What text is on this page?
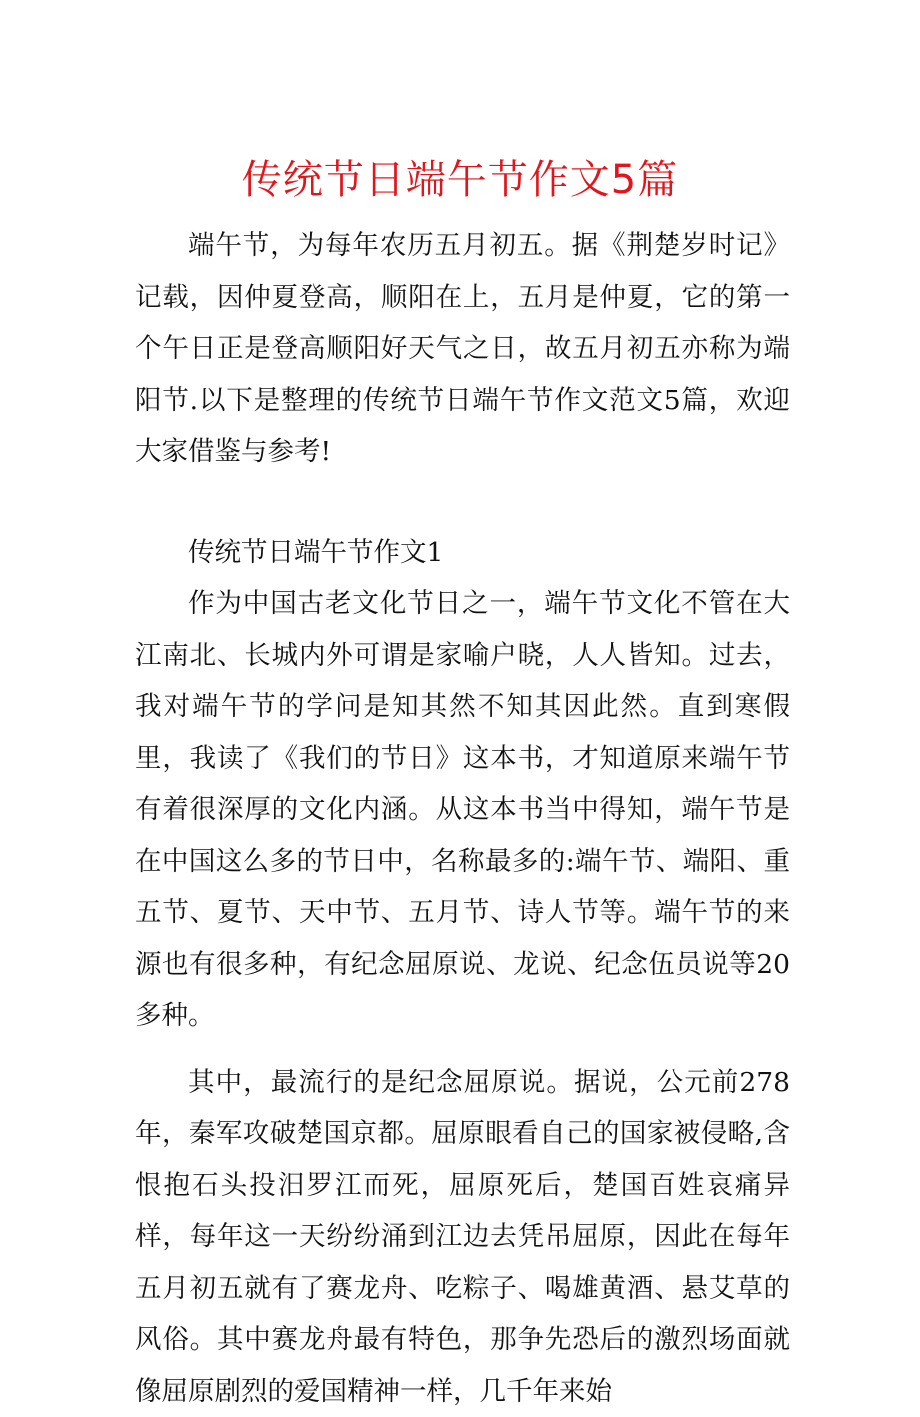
传统节日端午节作文5篇

端午节，为每年农历五月初五。据《荆楚岁时记》记载，因仲夏登高，顺阳在上，五月是仲夏，它的第一个午日正是登高顺阳好天气之日，故五月初五亦称为端阳节.以下是整理的传统节日端午节作文范文5篇，欢迎大家借鉴与参考!

传统节日端午节作文1

作为中国古老文化节日之一，端午节文化不管在大江南北、长城内外可谓是家喻户晓，人人皆知。过去，我对端午节的学问是知其然不知其因此然。直到寒假里，我读了《我们的节日》这本书，才知道原来端午节有着很深厚的文化内涵。从这本书当中得知，端午节是在中国这么多的节日中，名称最多的:端午节、端阳、重五节、夏节、天中节、五月节、诗人节等。端午节的来源也有很多种，有纪念屈原说、龙说、纪念伍员说等20多种。

其中，最流行的是纪念屈原说。据说，公元前278年，秦军攻破楚国京都。屈原眼看自己的国家被侵略,含恨抱石头投汨罗江而死，屈原死后，楚国百姓哀痛异样，每年这一天纷纷涌到江边去凭吊屈原，因此在每年五月初五就有了赛龙舟、吃粽子、喝雄黄酒、悬艾草的风俗。其中赛龙舟最有特色，那争先恐后的激烈场面就像屈原剧烈的爱国精神一样，几千年来始
